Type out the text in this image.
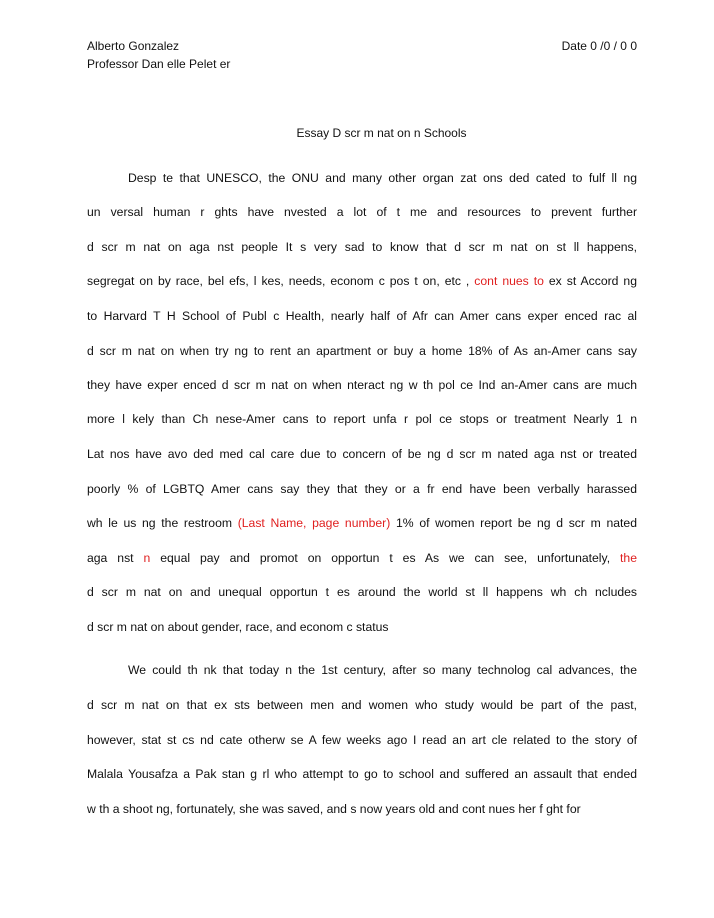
Alberto Gonzalez
Professor Dan elle Pelet er
Date 0 /0 / 0 0
Essay D scr m nat on n Schools
Desp te that UNESCO, the ONU and many other organ zat ons ded cated to fulf ll ng
un versal human r ghts have nvested a lot of t me and resources to prevent further
d scr m nat on aga nst people It s very sad to know that d scr m nat on st ll happens,
segregat on by race, bel efs, l kes, needs, econom c pos t on, etc , cont nues to ex st Accord ng
to Harvard T H School of Publ c Health, nearly half of Afr can Amer cans exper enced rac al
d scr m nat on when try ng to rent an apartment or buy a home 18% of As an-Amer cans say
they have exper enced d scr m nat on when nteract ng w th pol ce Ind an-Amer cans are much
more l kely than Ch nese-Amer cans to report unfa r pol ce stops or treatment Nearly 1 n
Lat nos have avo ded med cal care due to concern of be ng d scr m nated aga nst or treated
poorly % of LGBTQ Amer cans say they that they or a fr end have been verbally harassed
wh le us ng the restroom (Last Name, page number) 1% of women report be ng d scr m nated
aga nst n equal pay and promot on opportun t es As we can see, unfortunately, the
d scr m nat on and unequal opportun t es around the world st ll happens wh ch ncludes
d scr m nat on about gender, race, and econom c status
We could th nk that today n the 1st century, after so many technolog cal advances, the
d scr m nat on that ex sts between men and women who study would be part of the past,
however, stat st cs nd cate otherw se A few weeks ago I read an art cle related to the story of
Malala Yousafza a Pak stan g rl who attempt to go to school and suffered an assault that ended
w th a shoot ng, fortunately, she was saved, and s now years old and cont nues her f ght for
